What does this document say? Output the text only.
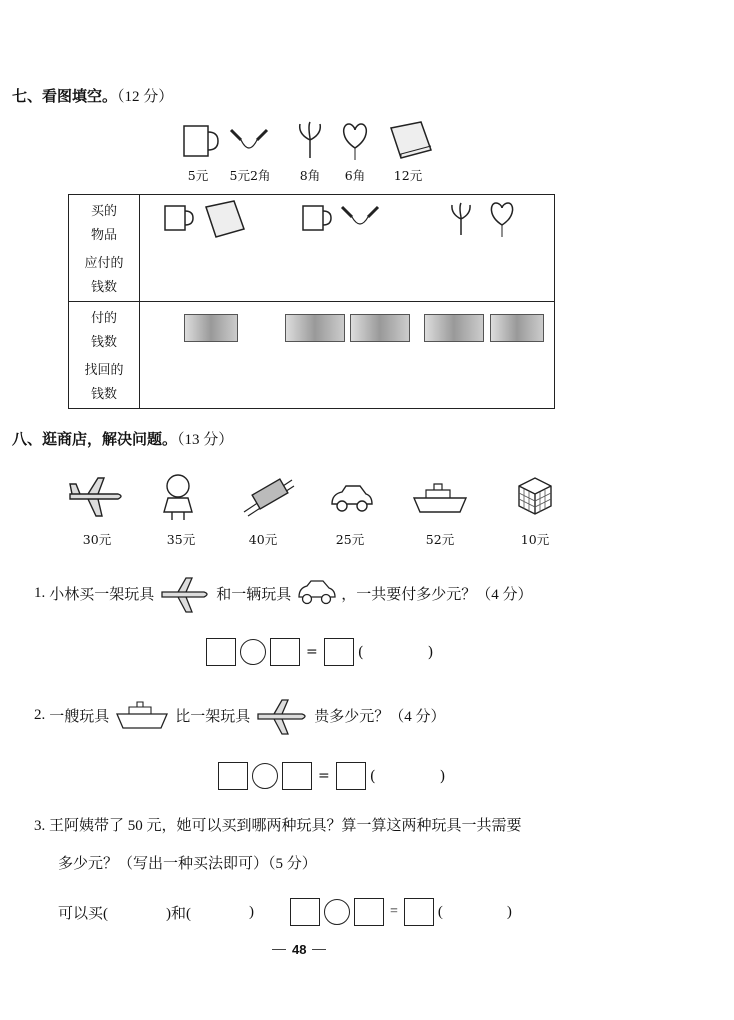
七、看图填空。（12 分）
5元	5元2角	8角	6角	12元
买的
物品
应付的
钱数

付的
钱数
找回的
钱数	

八、逛商店，解决问题。（13 分）
30元	35元	40元	25元	52元	10元
1. 小林买一架玩具	和一辆玩具	，一共要付多少元？（4 分）
=	(	)
2. 一艘玩具	比一架玩具	贵多少元？（4 分）
=	(	)
3. 王阿姨带了 50 元，她可以买到哪两种玩具？算一算这两种玩具一共需要
多少元？（写出一种买法即可）（5 分）
可以买(	)和(	)	=	(	)
48
